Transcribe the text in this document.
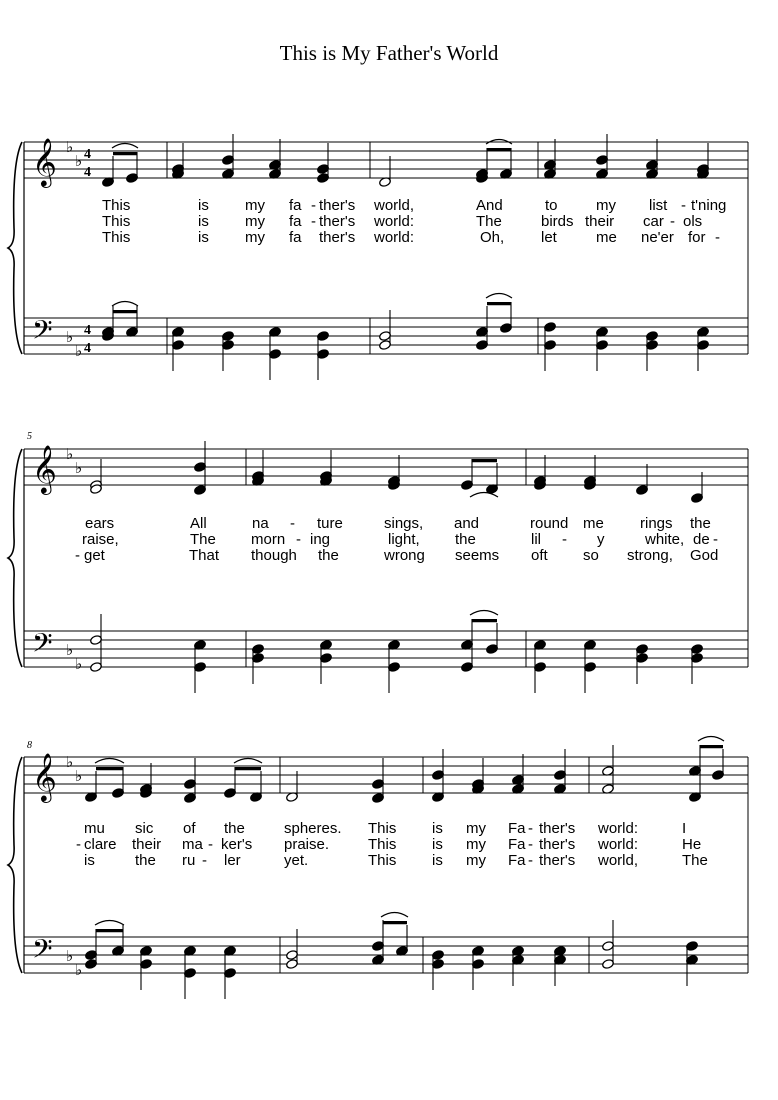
This is My Father's World
5
8
𝄞
𝄢
♭
♭
♭
♭
4
4
4
4
𝄞
𝄢
♭
♭
♭
♭
𝄞
𝄢
♭
♭
♭
♭
This	is my fa - ther's world,	And	to	my list - t'ning
This	is my fa - ther's world:	The	birds their car - ols
This	is my fa ther's world:	Oh, let	me ne'er for -
ears	All	na - ture	sings, and	round me rings the
raise,	The morn - ing	light, the	lil - y	white, de -
- get	That though the	wrong seems oft so strong, God
mu sic of the	spheres. This is my Fa - ther's world:	I
- clare their ma - ker's praise.	This is my Fa - ther's world:	He
is	the ru - ler	yet.	This is my Fa - ther's world,	The
